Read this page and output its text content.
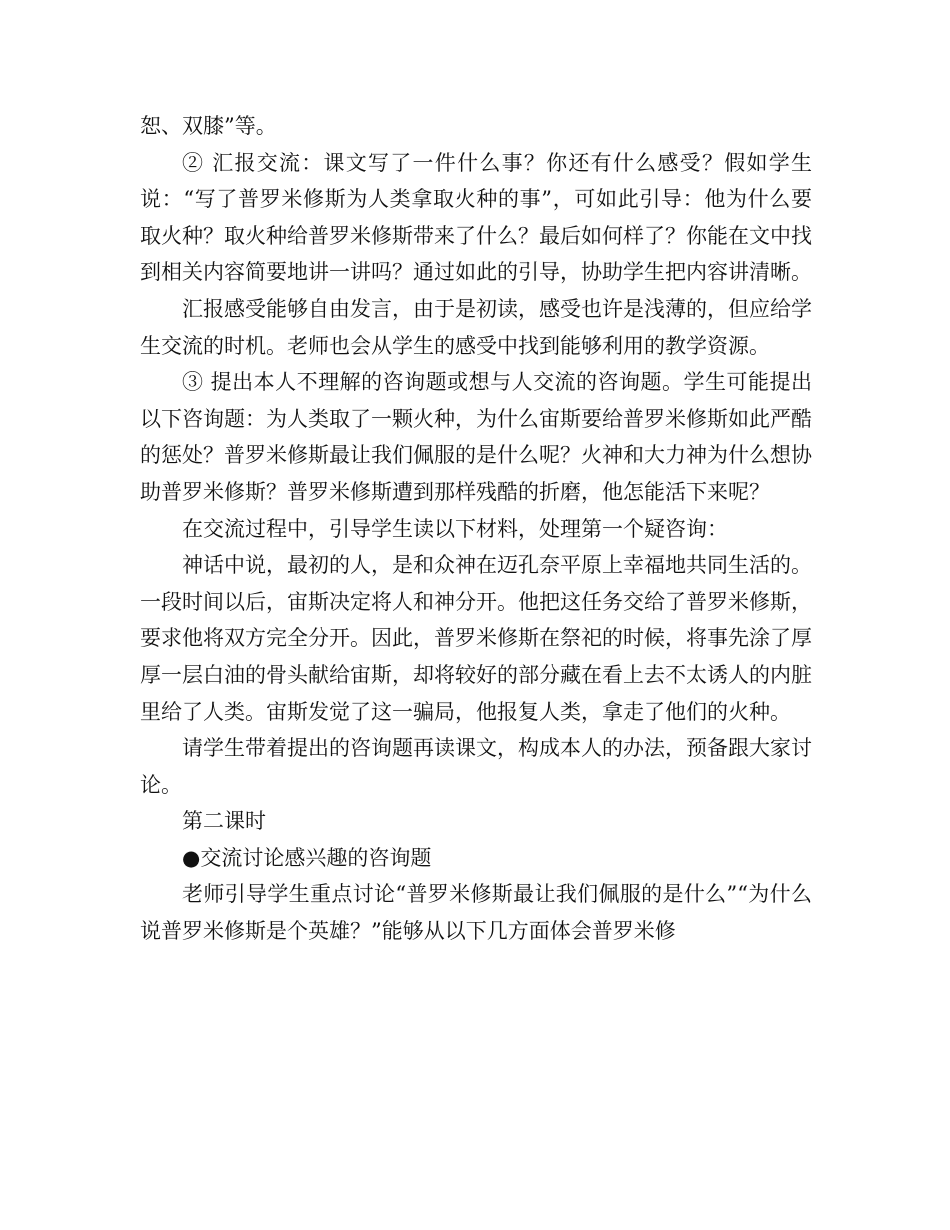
恕、双膝”等。

② 汇报交流：课文写了一件什么事？你还有什么感受？假如学生说：“写了普罗米修斯为人类拿取火种的事”，可如此引导：他为什么要取火种？取火种给普罗米修斯带来了什么？最后如何样了？你能在文中找到相关内容简要地讲一讲吗？通过如此的引导，协助学生把内容讲清晰。

汇报感受能够自由发言，由于是初读，感受也许是浅薄的，但应给学生交流的时机。老师也会从学生的感受中找到能够利用的教学资源。

③ 提出本人不理解的咨询题或想与人交流的咨询题。学生可能提出以下咨询题：为人类取了一颗火种，为什么宙斯要给普罗米修斯如此严酷的惩处？普罗米修斯最让我们佩服的是什么呢？火神和大力神为什么想协助普罗米修斯？普罗米修斯遭到那样残酷的折磨，他怎能活下来呢？

在交流过程中，引导学生读以下材料，处理第一个疑咨询：

神话中说，最初的人，是和众神在迈孔奈平原上幸福地共同生活的。一段时间以后，宙斯决定将人和神分开。他把这任务交给了普罗米修斯，要求他将双方完全分开。因此，普罗米修斯在祭祀的时候，将事先涂了厚厚一层白油的骨头献给宙斯，却将较好的部分藏在看上去不太诱人的内脏里给了人类。宙斯发觉了这一骗局，他报复人类，拿走了他们的火种。

请学生带着提出的咨询题再读课文，构成本人的办法，预备跟大家讨论。

第二课时

●交流讨论感兴趣的咨询题

老师引导学生重点讨论“普罗米修斯最让我们佩服的是什么”“为什么说普罗米修斯是个英雄？”能够从以下几方面体会普罗米修
